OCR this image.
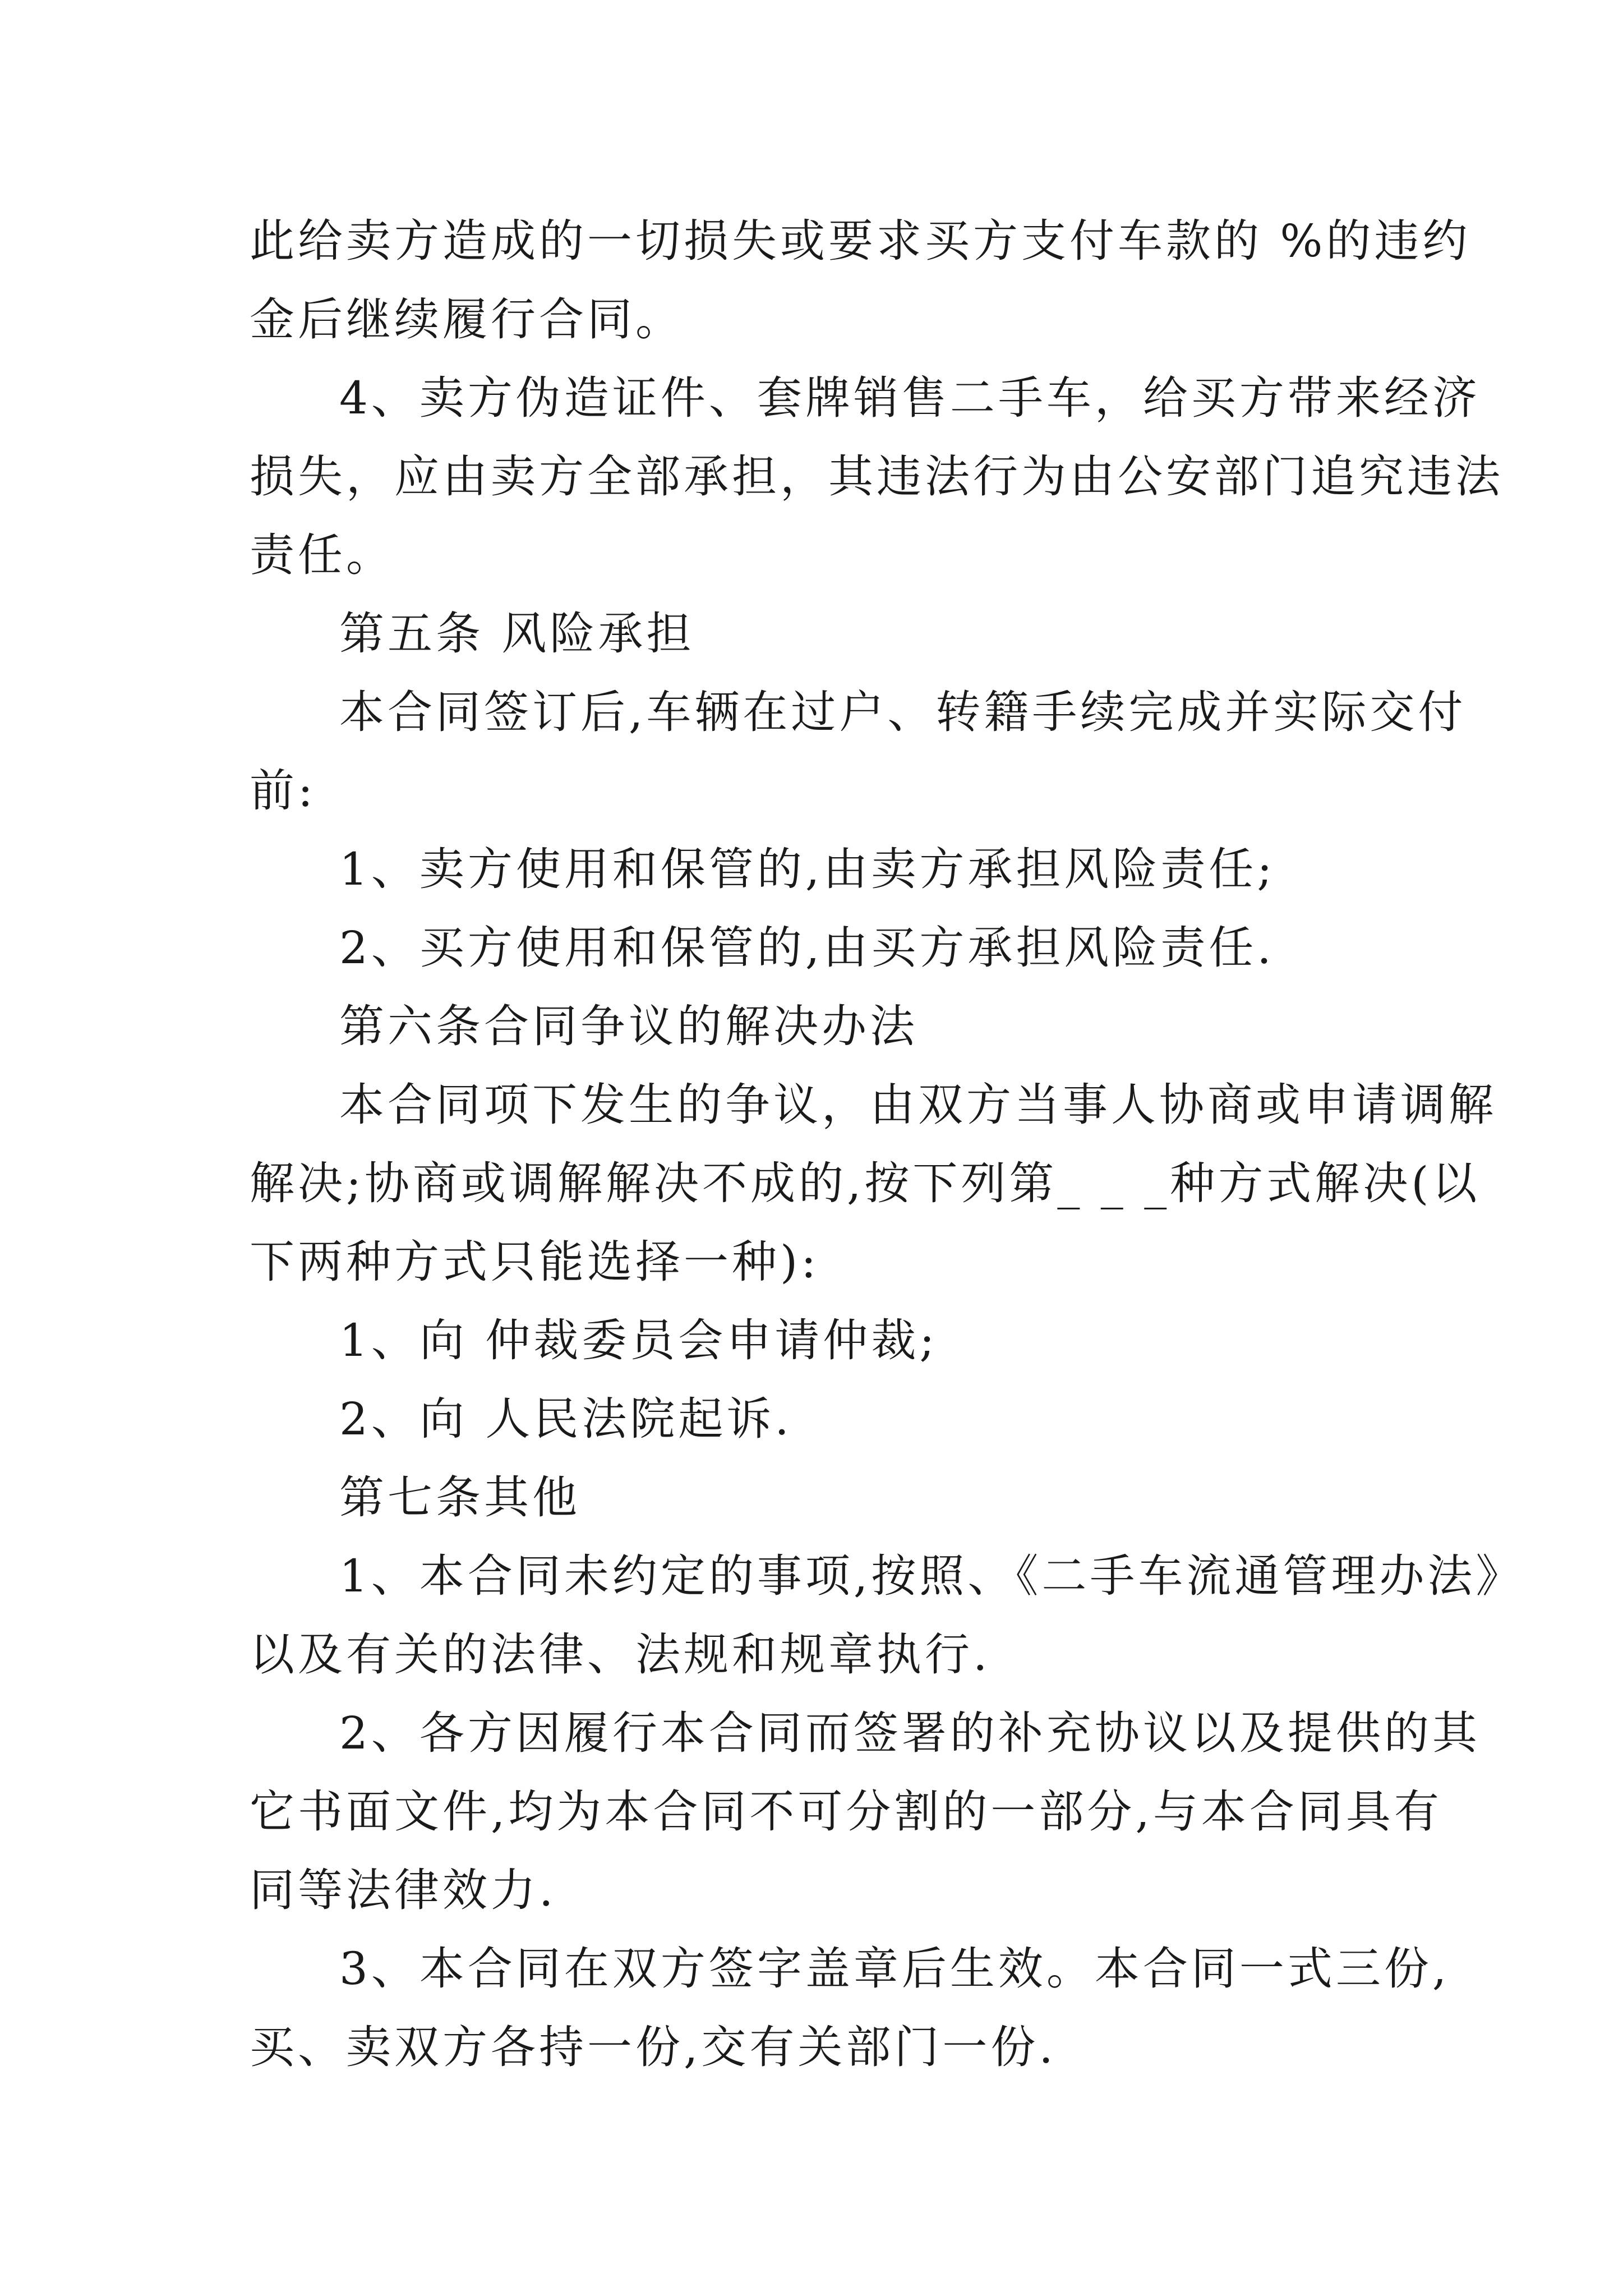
此给卖方造成的一切损失或要求买方支付车款的 %的违约
金后继续履行合同。
4、卖方伪造证件、套牌销售二手车，给买方带来经济
损失，应由卖方全部承担，其违法行为由公安部门追究违法
责任。
第五条 风险承担
本合同签订后,车辆在过户、转籍手续完成并实际交付
前:
1、卖方使用和保管的,由卖方承担风险责任;
2、买方使用和保管的,由买方承担风险责任.
第六条合同争议的解决办法
本合同项下发生的争议，由双方当事人协商或申请调解
解决;协商或调解解决不成的,按下列第_ _ _种方式解决(以
下两种方式只能选择一种):
1、向 仲裁委员会申请仲裁;
2、向 人民法院起诉.
第七条其他
1、本合同未约定的事项,按照、《二手车流通管理办法》
以及有关的法律、法规和规章执行.
2、各方因履行本合同而签署的补充协议以及提供的其
它书面文件,均为本合同不可分割的一部分,与本合同具有
同等法律效力.
3、本合同在双方签字盖章后生效。本合同一式三份,
买、卖双方各持一份,交有关部门一份.
